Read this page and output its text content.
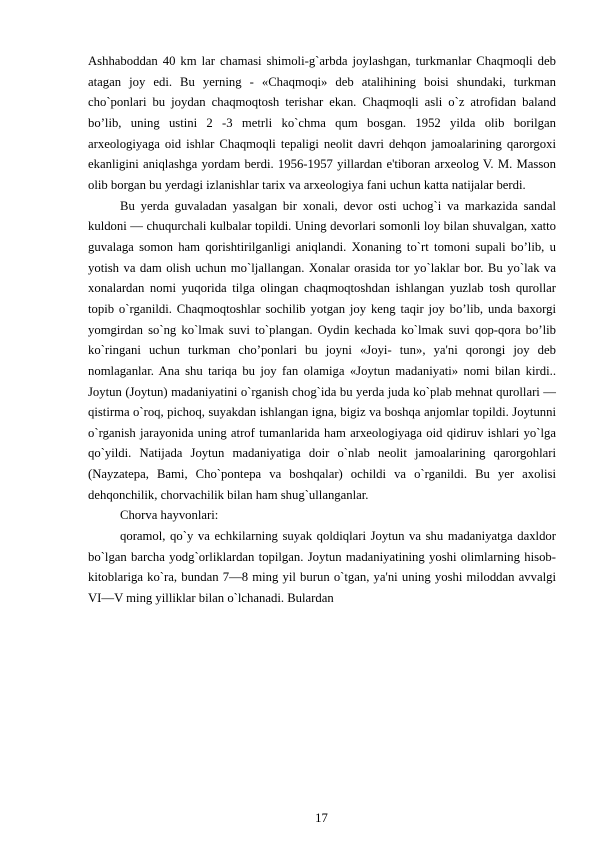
Ashhaboddan 40 km lar chamasi shimoli-g`arbda joylashgan, turkmanlar Chaqmoqli deb atagan joy edi. Bu yerning - «Chaqmoqi» deb atalihining boisi shundaki, turkman cho`ponlari bu joydan chaqmoqtosh terishar ekan. Chaqmoqli asli o`z atrofidan baland bo’lib, uning ustini 2 -3 metrli ko`chma qum bosgan. 1952 yilda olib borilgan arxeologiyaga oid ishlar Chaqmoqli tepaligi neolit davri dehqon jamoalarining qarorgoxi ekanligini aniqlashga yordam berdi. 1956-1957 yillardan e'tiboran arxeolog V. M. Masson olib borgan bu yerdagi izlanishlar tarix va arxeologiya fani uchun katta natijalar berdi.

Bu yerda guvaladan yasalgan bir xonali, devor osti uchog`i va markazida sandal kuldoni — chuqurchali kulbalar topildi. Uning devorlari somonli loy bilan shuvalgan, xatto guvalaga somon ham qorishtirilganligi aniqlandi. Xonaning to`rt tomoni supali bo’lib, u yotish va dam olish uchun mo`ljallangan. Xonalar orasida tor yo`laklar bor. Bu yo`lak va xonalardan nomi yuqorida tilga olingan chaqmoqtoshdan ishlangan yuzlab tosh qurollar topib o`rganildi. Chaqmoqtoshlar sochilib yotgan joy keng taqir joy bo’lib, unda baxorgi yomgirdan so`ng ko`lmak suvi to`plangan. Oydin kechada ko`lmak suvi qop-qora bo’lib ko`ringani uchun turkman cho’ponlari bu joyni «Joyi- tun», ya'ni qorongi joy deb nomlaganlar. Ana shu tariqa bu joy fan olamiga «Joytun madaniyati» nomi bilan kirdi.. Joytun (Joytun) madaniyatini o`rganish chog`ida bu yerda juda ko`plab mehnat qurollari — qistirma o`roq, pichoq, suyakdan ishlangan igna, bigiz va boshqa anjomlar topildi. Joytunni o`rganish jarayonida uning atrof tumanlarida ham arxeologiyaga oid qidiruv ishlari yo`lga qo`yildi. Natijada Joytun madaniyatiga doir o`nlab neolit jamoalarining qarorgohlari (Nayzatepa, Bami, Cho`pontepa va boshqalar) ochildi va o`rganildi. Bu yer axolisi dehqonchilik, chorvachilik bilan ham shug`ullanganlar.

Chorva hayvonlari:

qoramol, qo`y va echkilarning suyak qoldiqlari Joytun va shu madaniyatga daxldor bo`lgan barcha yodg`orliklardan topilgan. Joytun madaniyatining yoshi olimlarning hisob-kitoblariga ko`ra, bundan 7—8 ming yil burun o`tgan, ya'ni uning yoshi miloddan avvalgi VI—V ming yilliklar bilan o`lchanadi. Bulardan

17
